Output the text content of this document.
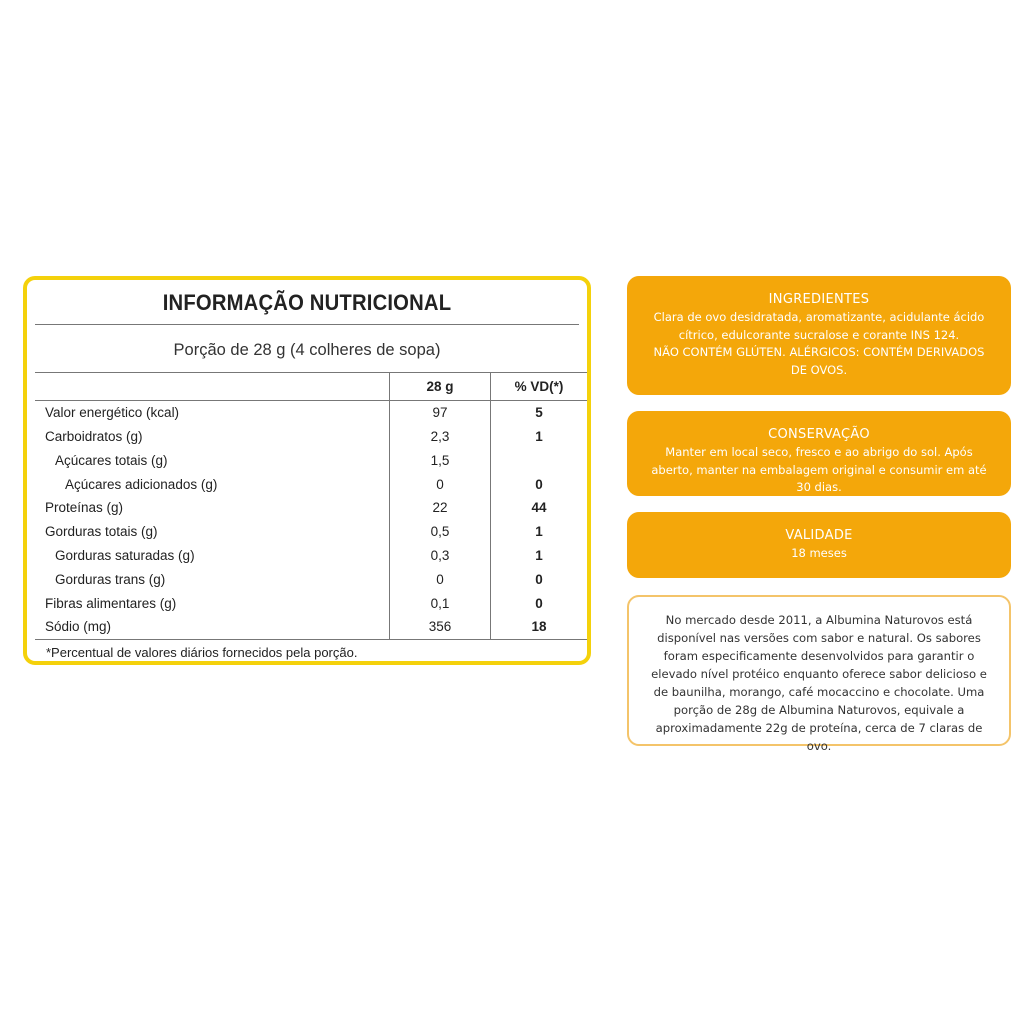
INFORMAÇÃO NUTRICIONAL
Porção de 28 g (4 colheres de sopa)
	28 g	% VD(*)
Valor energético (kcal)	97	5
Carboidratos (g)	2,3	1
Açúcares totais (g)	1,5	
Açúcares adicionados (g)	0	0
Proteínas (g)	22	44
Gorduras totais (g)	0,5	1
Gorduras saturadas (g)	0,3	1
Gorduras trans (g)	0	0
Fibras alimentares (g)	0,1	0
Sódio (mg)	356	18
*Percentual de valores diários fornecidos pela porção.
INGREDIENTES
Clara de ovo desidratada, aromatizante, acidulante ácido cítrico, edulcorante sucralose e corante INS 124.
NÃO CONTÉM GLÚTEN. ALÉRGICOS: CONTÉM DERIVADOS DE OVOS.
CONSERVAÇÃO
Manter em local seco, fresco e ao abrigo do sol. Após aberto, manter na embalagem original e consumir em até 30 dias.
VALIDADE
18 meses
No mercado desde 2011, a Albumina Naturovos está disponível nas versões com sabor e natural. Os sabores foram especificamente desenvolvidos para garantir o elevado nível protéico enquanto oferece sabor delicioso e de baunilha, morango, café mocaccino e chocolate. Uma porção de 28g de Albumina Naturovos, equivale a aproximadamente 22g de proteína, cerca de 7 claras de ovo.
